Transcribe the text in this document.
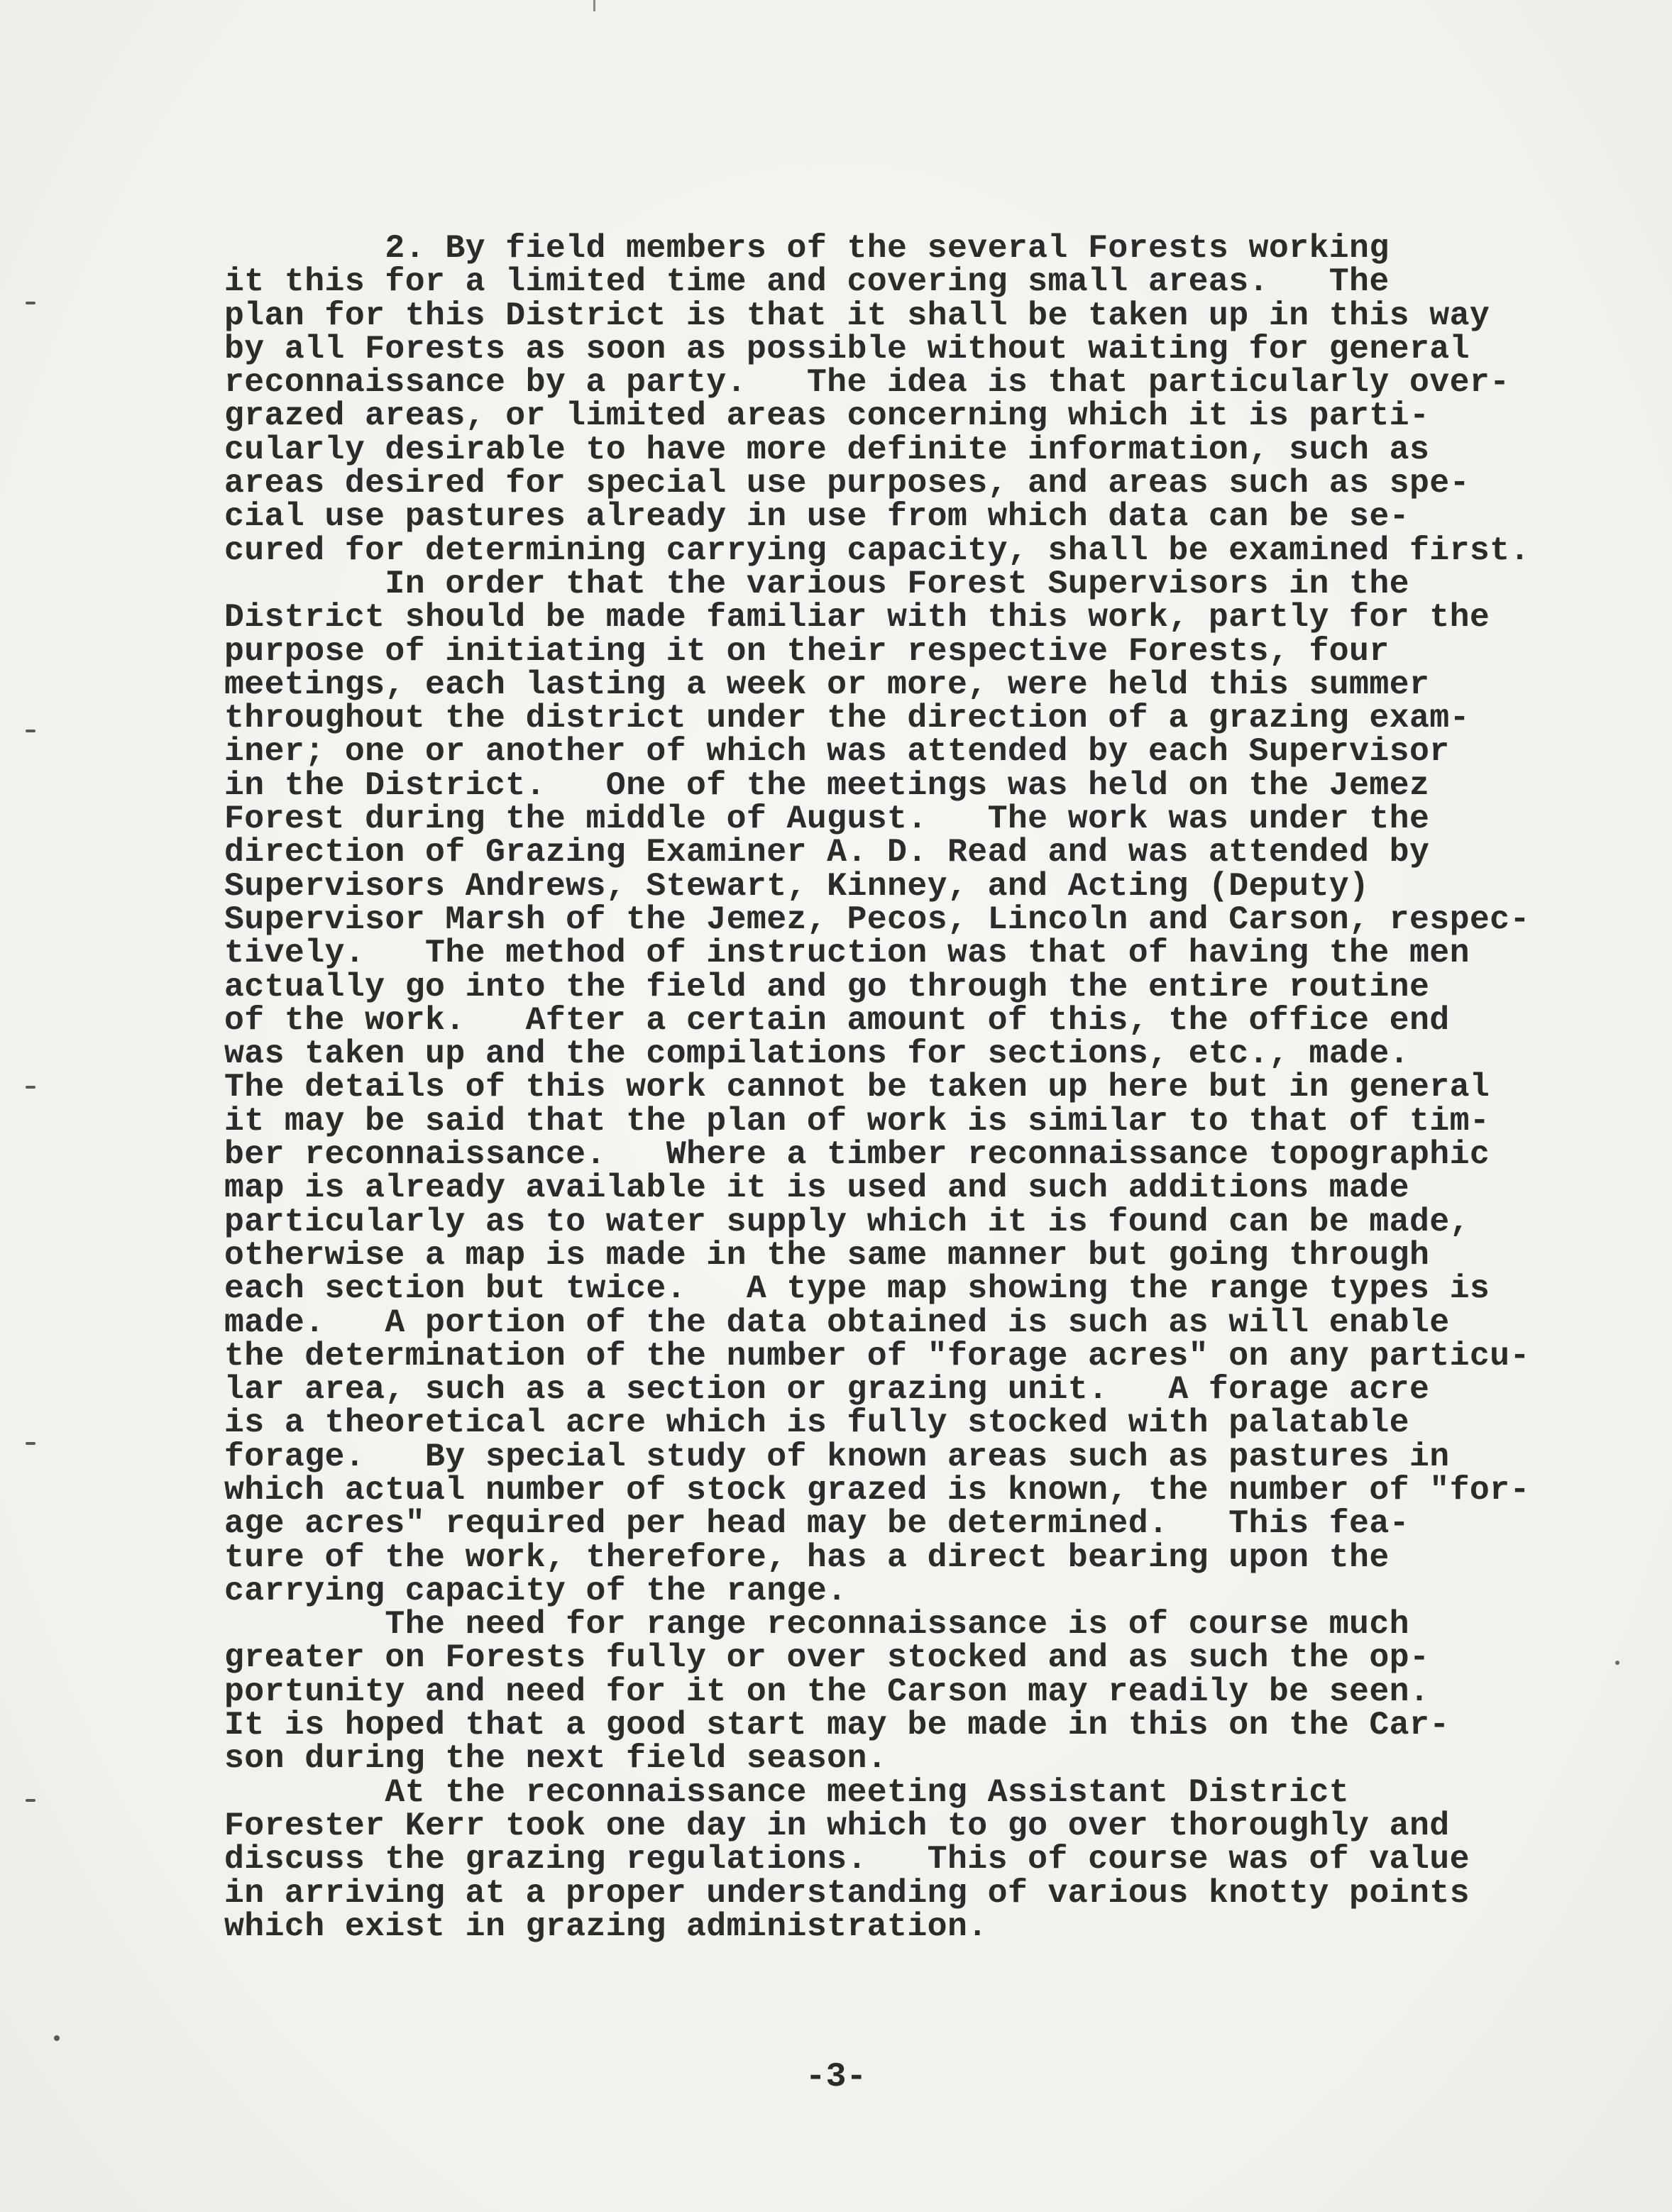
2. By field members of the several Forests working
it this for a limited time and covering small areas.   The
plan for this District is that it shall be taken up in this way
by all Forests as soon as possible without waiting for general
reconnaissance by a party.   The idea is that particularly over-
grazed areas, or limited areas concerning which it is parti-
cularly desirable to have more definite information, such as
areas desired for special use purposes, and areas such as spe-
cial use pastures already in use from which data can be se-
cured for determining carrying capacity, shall be examined first.
In order that the various Forest Supervisors in the
District should be made familiar with this work, partly for the
purpose of initiating it on their respective Forests, four
meetings, each lasting a week or more, were held this summer
throughout the district under the direction of a grazing exam-
iner; one or another of which was attended by each Supervisor
in the District.   One of the meetings was held on the Jemez
Forest during the middle of August.   The work was under the
direction of Grazing Examiner A. D. Read and was attended by
Supervisors Andrews, Stewart, Kinney, and Acting (Deputy)
Supervisor Marsh of the Jemez, Pecos, Lincoln and Carson, respec-
tively.   The method of instruction was that of having the men
actually go into the field and go through the entire routine
of the work.   After a certain amount of this, the office end
was taken up and the compilations for sections, etc., made.
The details of this work cannot be taken up here but in general
it may be said that the plan of work is similar to that of tim-
ber reconnaissance.   Where a timber reconnaissance topographic
map is already available it is used and such additions made
particularly as to water supply which it is found can be made,
otherwise a map is made in the same manner but going through
each section but twice.   A type map showing the range types is
made.   A portion of the data obtained is such as will enable
the determination of the number of "forage acres" on any particu-
lar area, such as a section or grazing unit.   A forage acre
is a theoretical acre which is fully stocked with palatable
forage.   By special study of known areas such as pastures in
which actual number of stock grazed is known, the number of "for-
age acres" required per head may be determined.   This fea-
ture of the work, therefore, has a direct bearing upon the
carrying capacity of the range.
The need for range reconnaissance is of course much
greater on Forests fully or over stocked and as such the op-
portunity and need for it on the Carson may readily be seen.
It is hoped that a good start may be made in this on the Car-
son during the next field season.
At the reconnaissance meeting Assistant District
Forester Kerr took one day in which to go over thoroughly and
discuss the grazing regulations.   This of course was of value
in arriving at a proper understanding of various knotty points
which exist in grazing administration.
-3-
